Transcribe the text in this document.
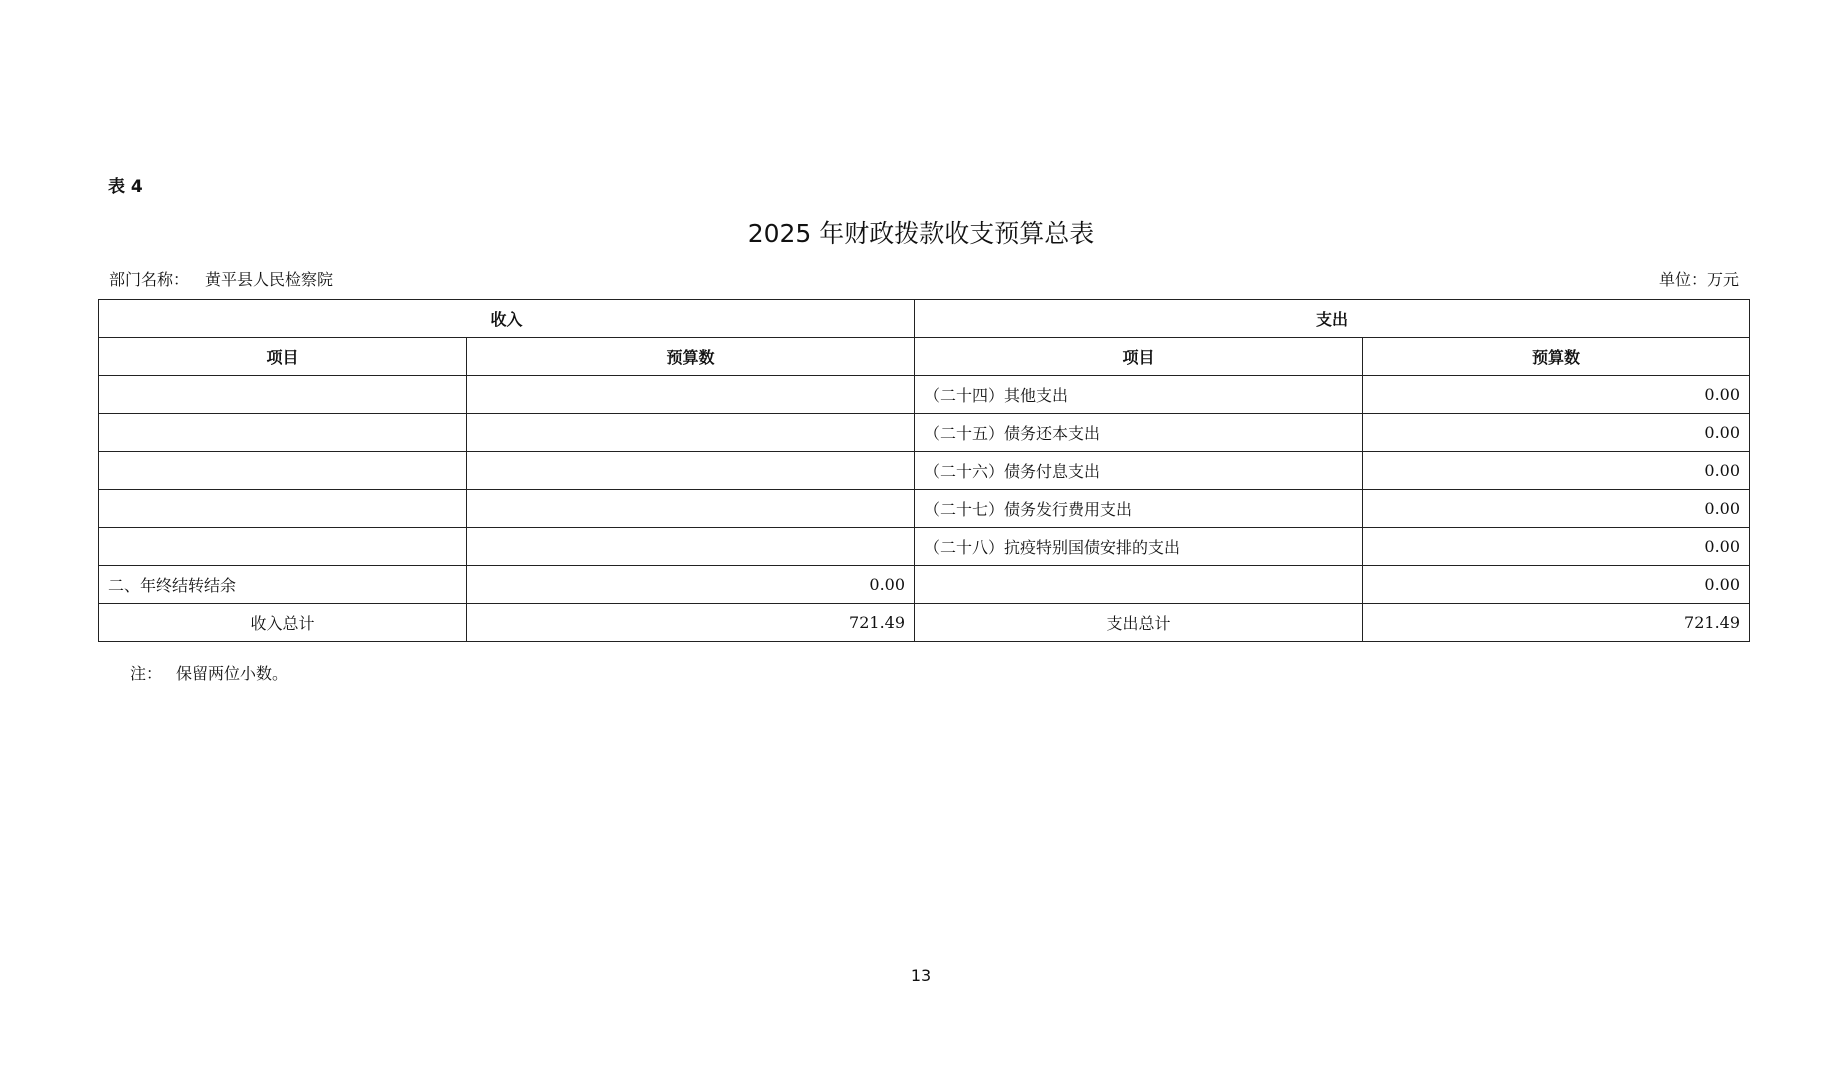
表 4
2025 年财政拨款收支预算总表
部门名称： 黄平县人民检察院	单位：万元
收入		支出	
项目	预算数	项目	预算数
		（二十四）其他支出	0.00
		（二十五）债务还本支出	0.00
		（二十六）债务付息支出	0.00
		（二十七）债务发行费用支出	0.00
		（二十八）抗疫特别国债安排的支出	0.00
二、年终结转结余	0.00		0.00
收入总计	721.49	支出总计	721.49
注： 保留两位小数。
13
